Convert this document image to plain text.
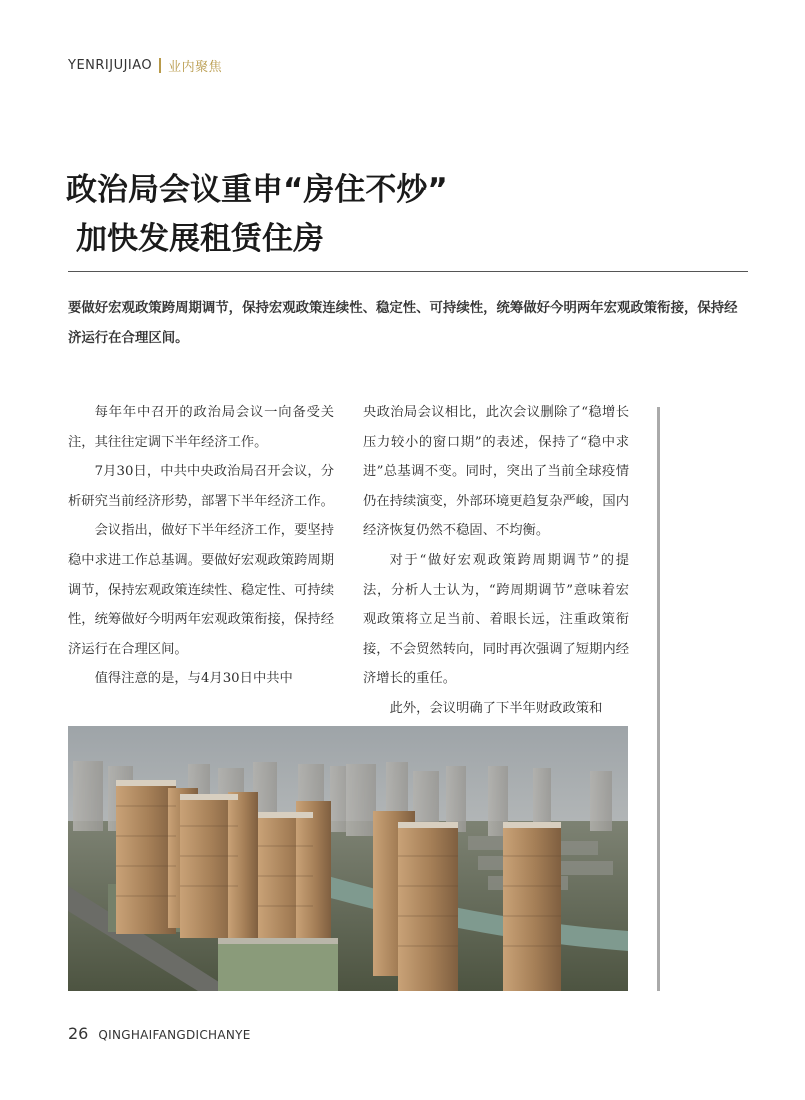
YENRIJUJIAO 业内聚焦
政治局会议重申“房住不炒”
加快发展租赁住房
要做好宏观政策跨周期调节，保持宏观政策连续性、稳定性、可持续性，统筹做好今明两年宏观政策衔接，保持经济运行在合理区间。

每年年中召开的政治局会议一向备受关注，其往往定调下半年经济工作。

7月30日，中共中央政治局召开会议，分析研究当前经济形势，部署下半年经济工作。

会议指出，做好下半年经济工作，要坚持稳中求进工作总基调。要做好宏观政策跨周期调节，保持宏观政策连续性、稳定性、可持续性，统筹做好今明两年宏观政策衔接，保持经济运行在合理区间。

值得注意的是，与4月30日中共中

央政治局会议相比，此次会议删除了“稳增长压力较小的窗口期”的表述，保持了“稳中求进”总基调不变。同时，突出了当前全球疫情仍在持续演变，外部环境更趋复杂严峻，国内经济恢复仍然不稳固、不均衡。

对于“做好宏观政策跨周期调节”的提法，分析人士认为，“跨周期调节”意味着宏观政策将立足当前、着眼长远，注重政策衔接，不会贸然转向，同时再次强调了短期内经济增长的重任。

此外，会议明确了下半年财政政策和

26 QINGHAIFANGDICHANYE
